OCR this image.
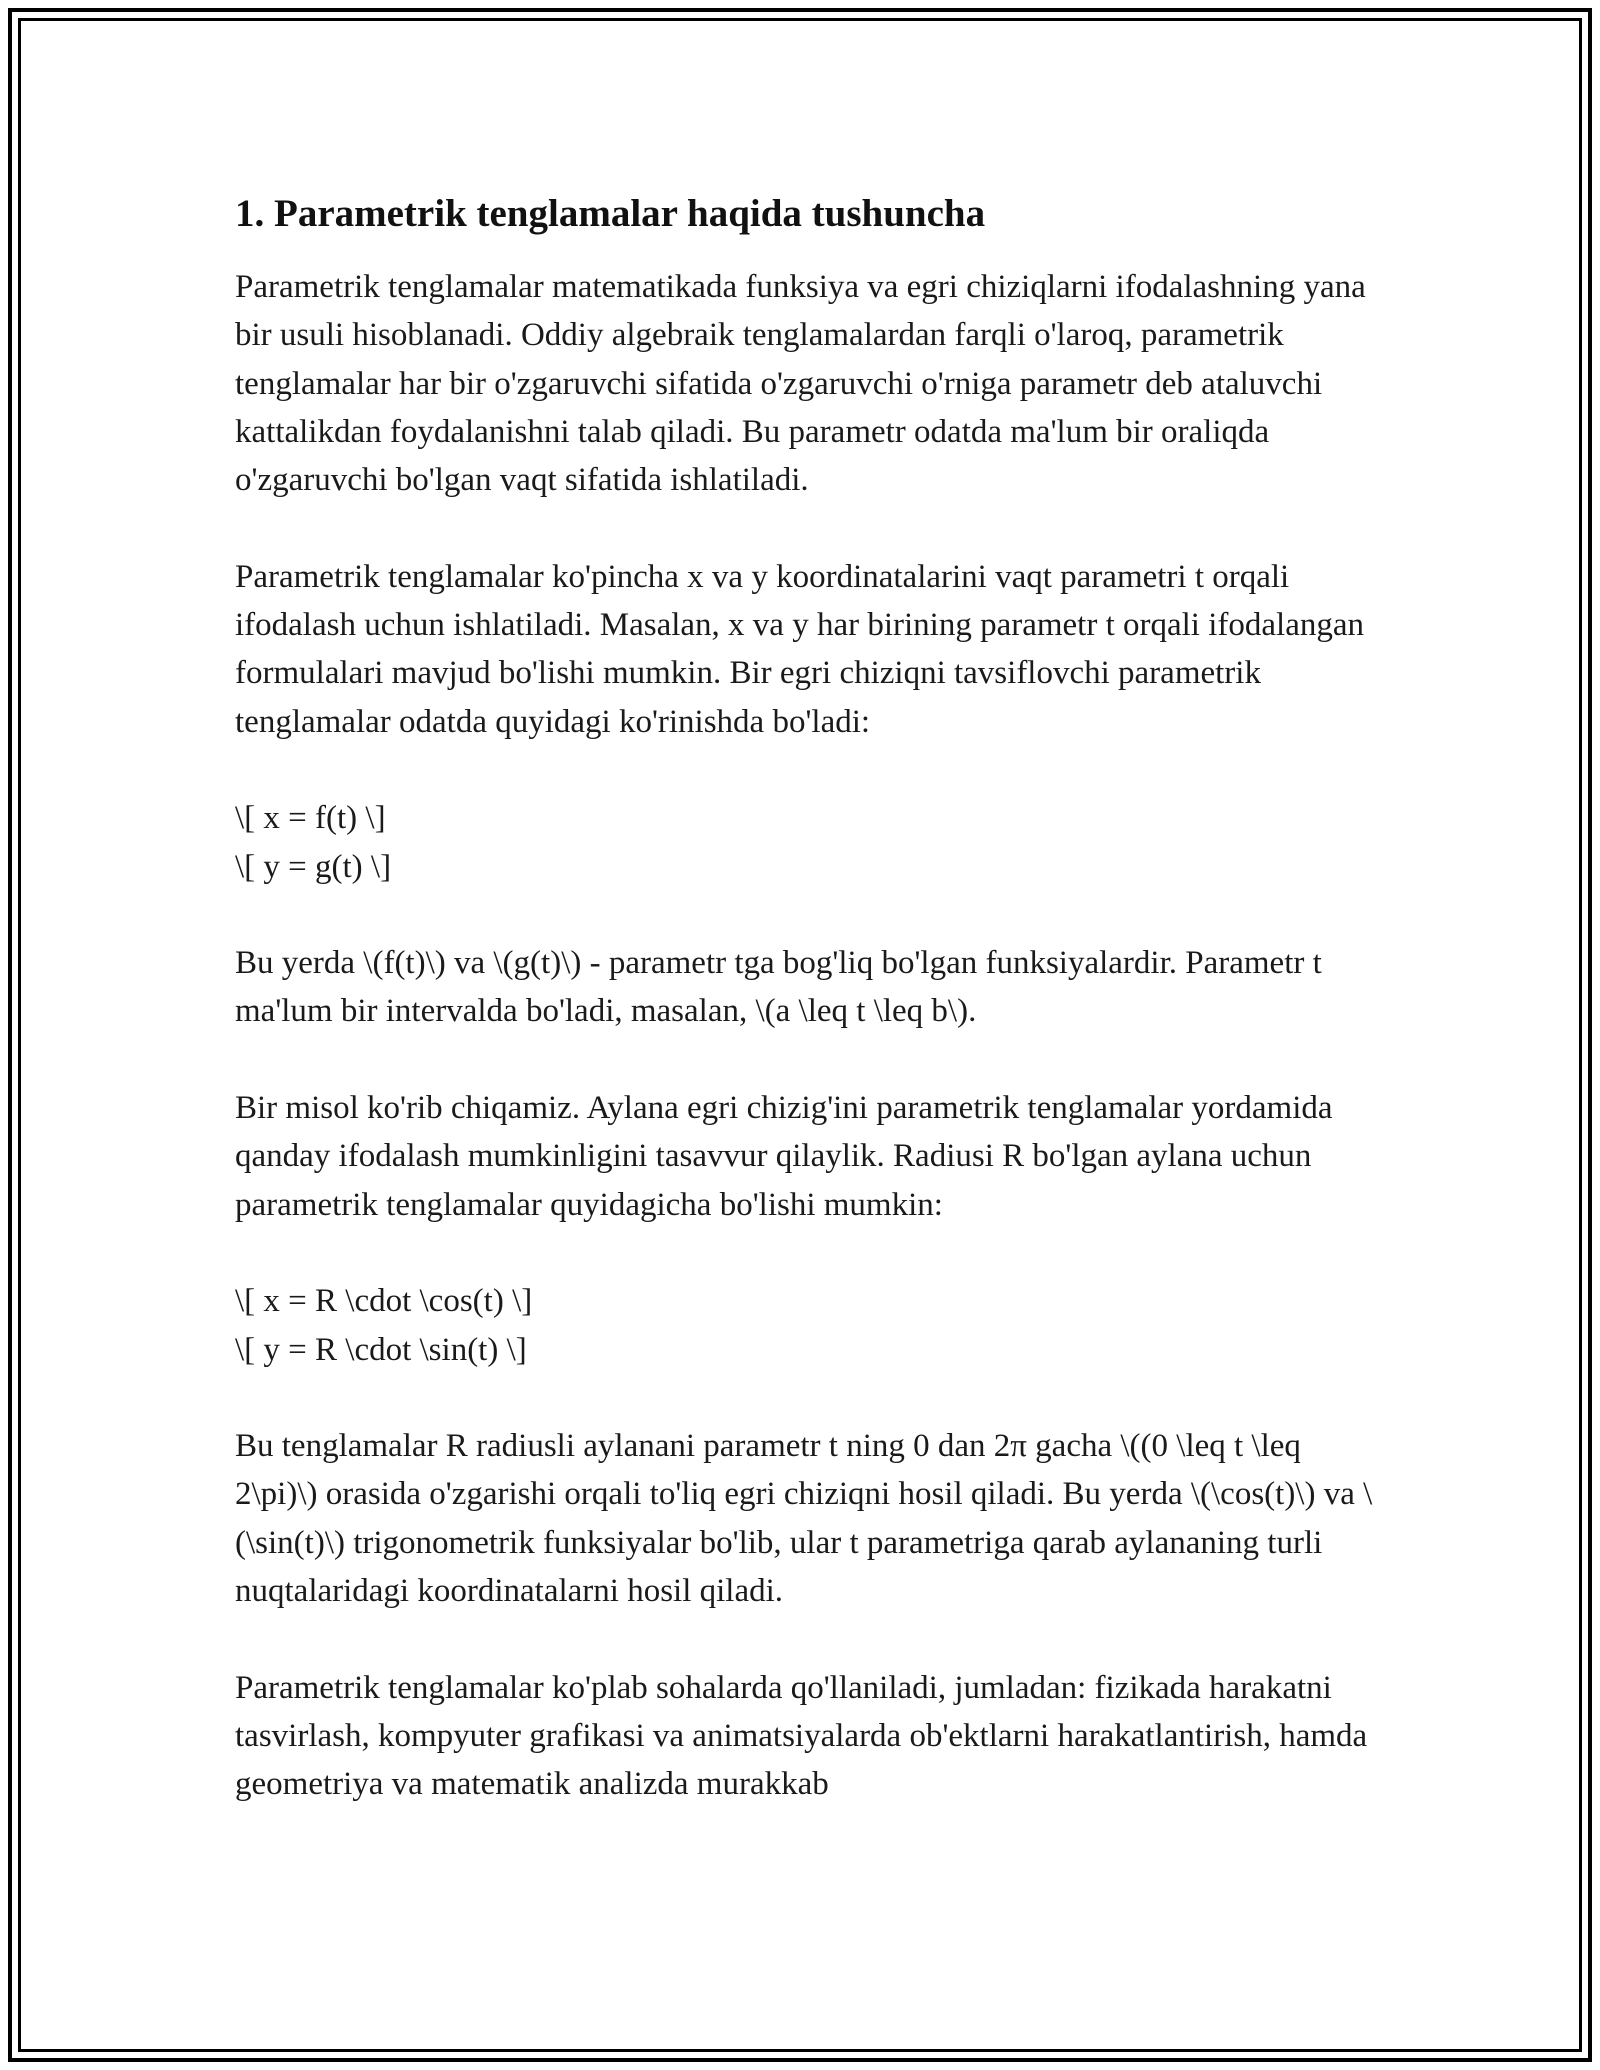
1. Parametrik tenglamalar haqida tushuncha

Parametrik tenglamalar matematikada funksiya va egri chiziqlarni ifodalashning yana bir usuli hisoblanadi. Oddiy algebraik tenglamalardan farqli o'laroq, parametrik tenglamalar har bir o'zgaruvchi sifatida o'zgaruvchi o'rniga parametr deb ataluvchi kattalikdan foydalanishni talab qiladi. Bu parametr odatda ma'lum bir oraliqda o'zgaruvchi bo'lgan vaqt sifatida ishlatiladi.

Parametrik tenglamalar ko'pincha x va y koordinatalarini vaqt parametri t orqali ifodalash uchun ishlatiladi. Masalan, x va y har birining parametr t orqali ifodalangan formulalari mavjud bo'lishi mumkin. Bir egri chiziqni tavsiflovchi parametrik tenglamalar odatda quyidagi ko'rinishda bo'ladi:

\[ x = f(t) \]
\[ y = g(t) \]

Bu yerda \(f(t)\) va \(g(t)\) - parametr tga bog'liq bo'lgan funksiyalardir. Parametr t ma'lum bir intervalda bo'ladi, masalan, \(a \leq t \leq b\).

Bir misol ko'rib chiqamiz. Aylana egri chizig'ini parametrik tenglamalar yordamida qanday ifodalash mumkinligini tasavvur qilaylik. Radiusi R bo'lgan aylana uchun parametrik tenglamalar quyidagicha bo'lishi mumkin:

\[ x = R \cdot \cos(t) \]
\[ y = R \cdot \sin(t) \]

Bu tenglamalar R radiusli aylanani parametr t ning 0 dan 2π gacha \((0 \leq t \leq 2\pi)\) orasida o'zgarishi orqali to'liq egri chiziqni hosil qiladi. Bu yerda \(\cos(t)\) va \(\sin(t)\) trigonometrik funksiyalar bo'lib, ular t parametriga qarab aylananing turli nuqtalaridagi koordinatalarni hosil qiladi.

Parametrik tenglamalar ko'plab sohalarda qo'llaniladi, jumladan: fizikada harakatni tasvirlash, kompyuter grafikasi va animatsiyalarda ob'ektlarni harakatlantirish, hamda geometriya va matematik analizda murakkab
